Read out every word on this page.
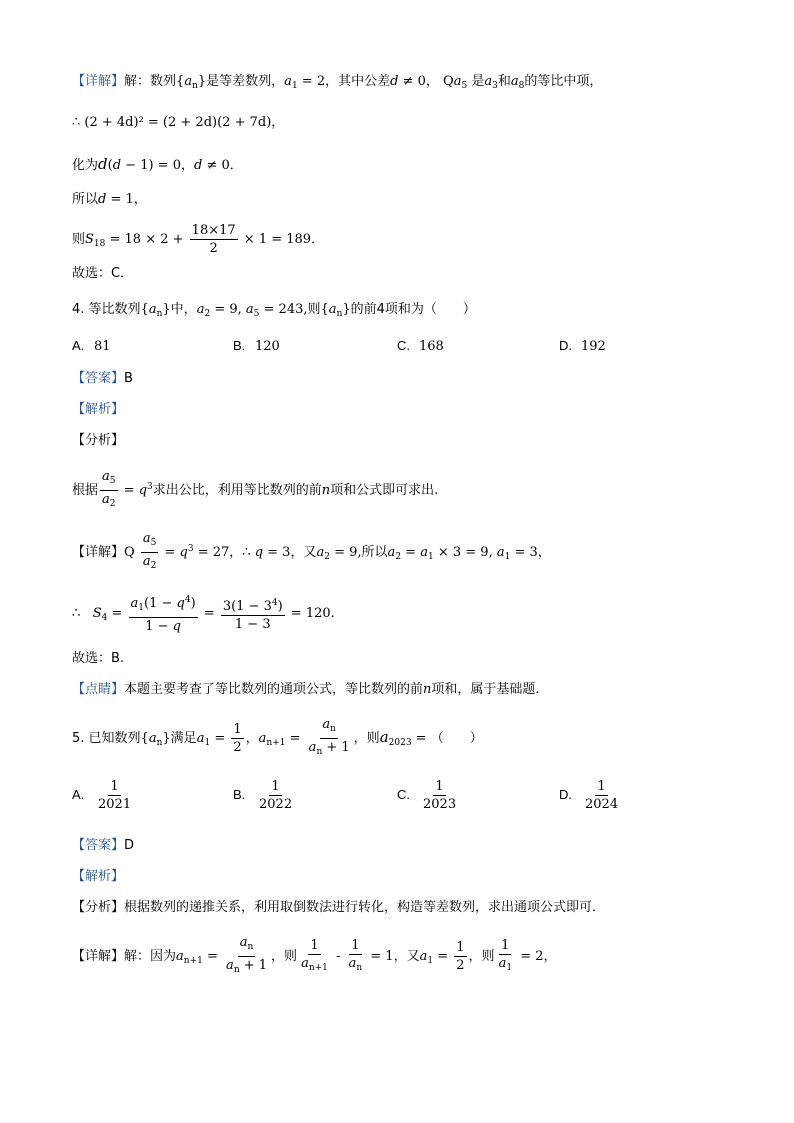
【详解】解：数列$\{a_n\}$是等差数列，$a_1 = 2$，其中公差d ≠ 0， $Qa_5$ 是$a_3$和$a_8$的等比中项，
∴ (2 + 4d)² = (2 + 2d)(2 + 7d)，
化为d(d − 1) = 0，d ≠ 0．
所以d = 1，
则$S_{18} = 18 \times 2 + \frac{18\times 17}{2} \times 1 = 189$．
故选：C．
4. 等比数列$\{a_n\}$中，$a_2 = 9$, $a_5 = 243$,则$\{a_n\}$的前4项和为（　　）
A. 81	B. 120	C. 168	D. 192
【答案】B
【解析】
【分析】
根据 $\frac{a_5}{a_2} = q^3$求出公比，利用等比数列的前n项和公式即可求出.
【详解】Q $\frac{a_5}{a_2} = q^3 = 27$，∴ q = 3，又$a_2 = 9$,所以$a_2 = a_1 \times 3 = 9$, $a_1 = 3$，
∴ $S_4 = \frac{a_1(1 - q^4)}{1 - q} = \frac{3(1 - 3^4)}{1 - 3} = 120$.
故选：B.
【点睛】本题主要考查了等比数列的通项公式，等比数列的前n项和，属于基础题.
5. 已知数列$\{a_n\}$满足$a_1 = \frac{1}{2}$ ，$a_{n+1} = \frac{a_n}{a_n + 1}$ ，则$a_{2023}$ = （　　）
A. $\frac{1}{2021}$	B. $\frac{1}{2022}$	C. $\frac{1}{2023}$	D. $\frac{1}{2024}$
【答案】D
【解析】
【分析】根据数列的递推关系，利用取倒数法进行转化，构造等差数列，求出通项公式即可．
【详解】解：因为$a_{n+1} = \frac{a_n}{a_n + 1}$ ，则 $\frac{1}{a_{n+1}} - \frac{1}{a_n} = 1$，又$a_1 = \frac{1}{2}$ ，则 $\frac{1}{a_1} = 2$，
